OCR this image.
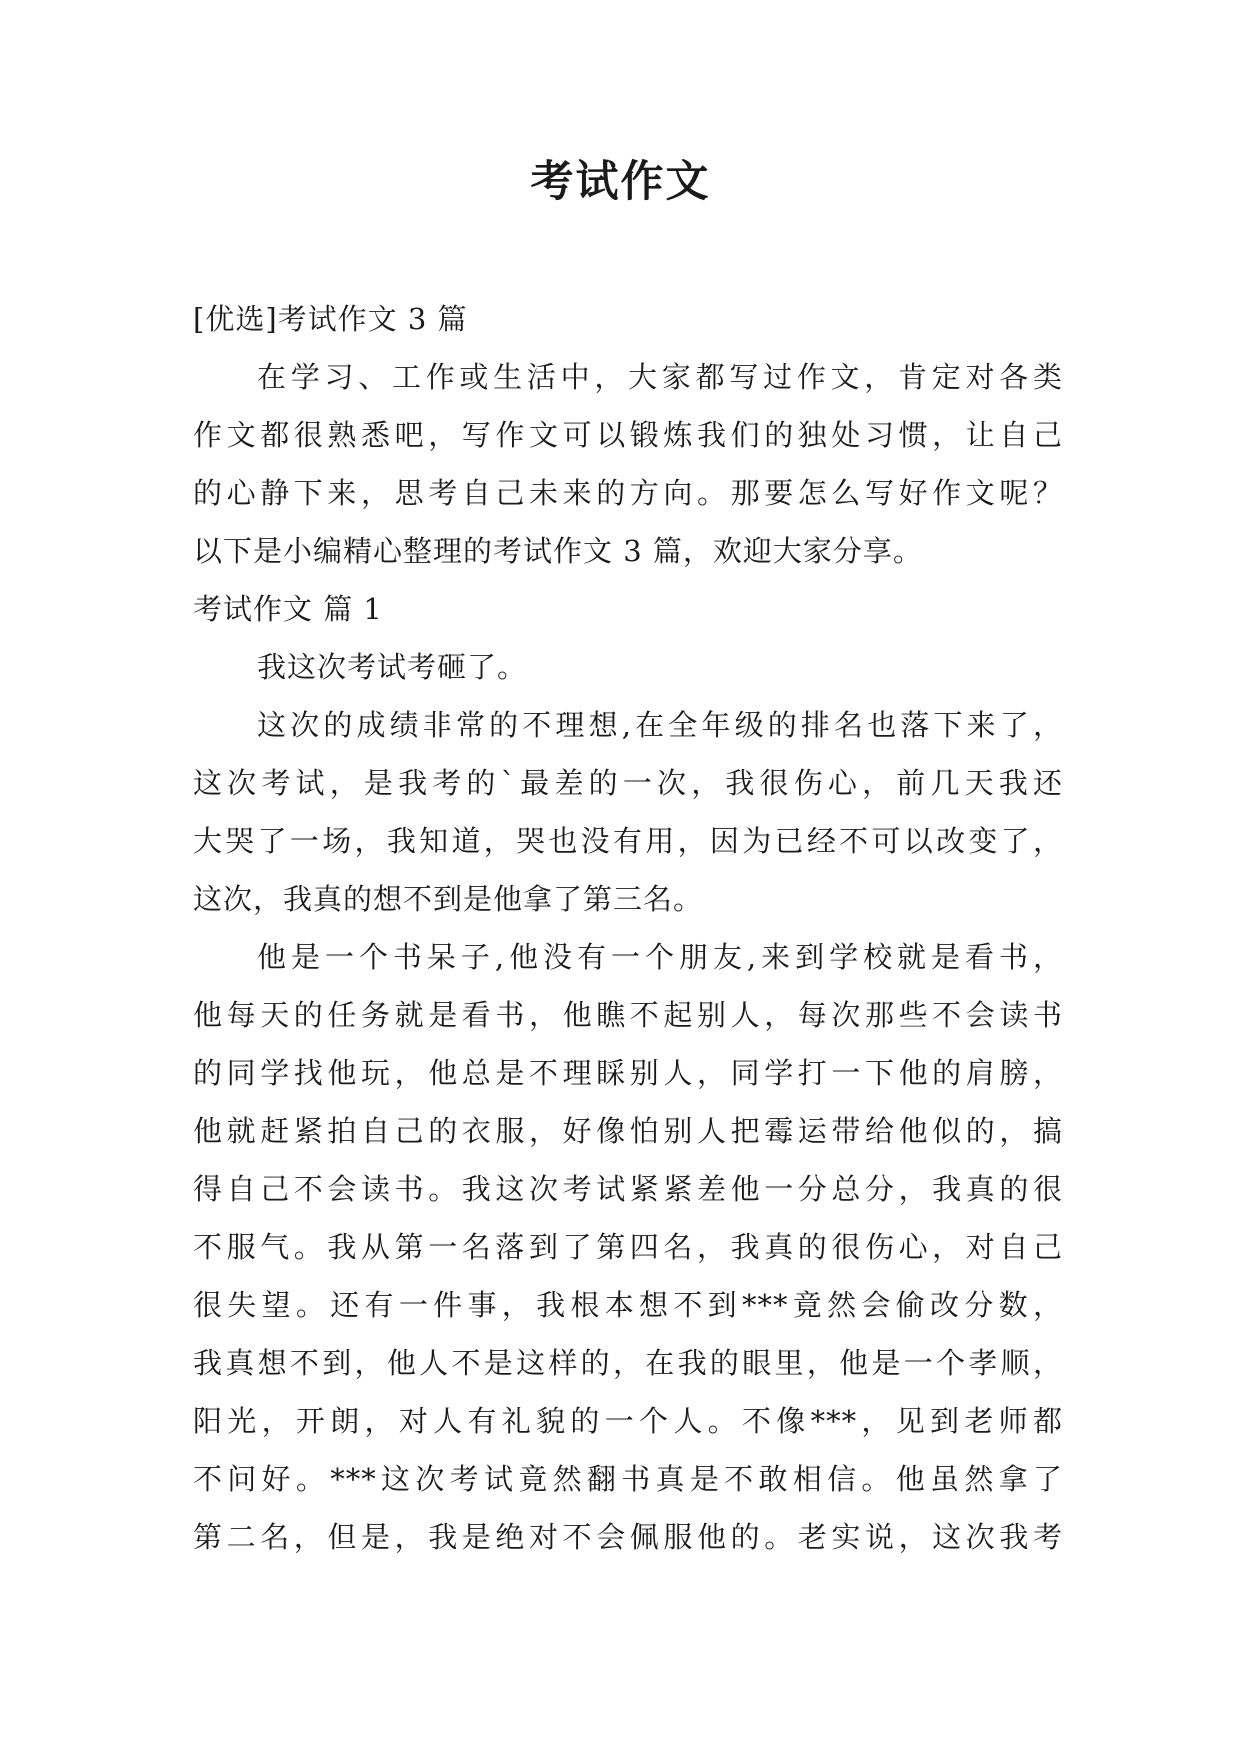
考试作文
[优选]考试作文 3 篇
在学习、工作或生活中，大家都写过作文，肯定对各类
作文都很熟悉吧，写作文可以锻炼我们的独处习惯，让自己
的心静下来，思考自己未来的方向。那要怎么写好作文呢？
以下是小编精心整理的考试作文 3 篇，欢迎大家分享。
考试作文 篇 1
我这次考试考砸了。
这次的成绩非常的不理想,在全年级的排名也落下来了，
这次考试，是我考的`最差的一次，我很伤心，前几天我还
大哭了一场，我知道，哭也没有用，因为已经不可以改变了，
这次，我真的想不到是他拿了第三名。
他是一个书呆子,他没有一个朋友,来到学校就是看书，
他每天的任务就是看书，他瞧不起别人，每次那些不会读书
的同学找他玩，他总是不理睬别人，同学打一下他的肩膀，
他就赶紧拍自己的衣服，好像怕别人把霉运带给他似的，搞
得自己不会读书。我这次考试紧紧差他一分总分，我真的很
不服气。我从第一名落到了第四名，我真的很伤心，对自己
很失望。还有一件事，我根本想不到***竟然会偷改分数，
我真想不到，他人不是这样的，在我的眼里，他是一个孝顺，
阳光，开朗，对人有礼貌的一个人。不像***，见到老师都
不问好。***这次考试竟然翻书真是不敢相信。他虽然拿了
第二名，但是，我是绝对不会佩服他的。老实说，这次我考
